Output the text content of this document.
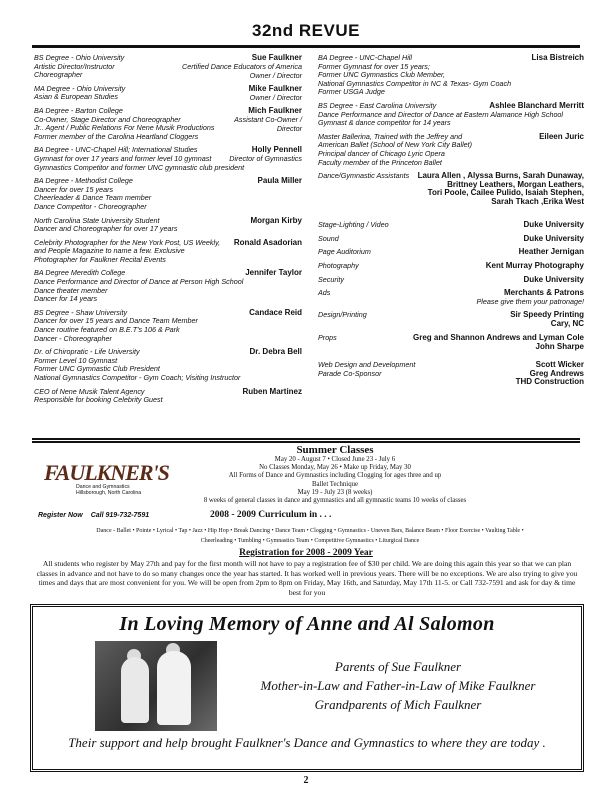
32nd REVUE
BS Degree - Ohio University
Artistic Director/Instructor
Choreographer
Sue Faulkner
Certified Dance Educators of America
Owner / Director
MA Degree - Ohio University
Asian & European Studies
Mike Faulkner
Owner / Director
BA Degree - Barton College
Co-Owner, Stage Director and Choreographer
Jr.. Agent / Public Relations For Nene Musik Productions
Former member of the Carolina Heartland Cloggers
Mich Faulkner
Assistant Co-Owner /
Director
BA Degree - UNC-Chapel Hill; International Studies
Gymnast for over 17 years and former level 10 gymnast
Gymnastics Competitor and former UNC gymnastic club president
Holly Pennell
Director of Gymnastics
BA Degree - Methodist College
Dancer for over 15 years
Cheerleader & Dance Team member
Dance Competitor - Choreographer
Paula Miller
North Carolina State University Student
Dancer and Choreographer for over 17 years
Morgan Kirby
Celebrity Photographer for the New York Post, US Weekly,
and People Magazine to name a few. Exclusive
Photographer for Faulkner Recital Events
Ronald Asadorian
BA Degree Meredith College
Dance Performance and Director of Dance at Person High School
Dance theater member
Dancer for 14 years
Jennifer Taylor
BS Degree - Shaw University
Dancer for over 15 years and Dance Team Member
Dance routine featured on B.E.T's 106 & Park
Dancer - Choreographer
Candace Reid
Dr. of Chiropratic - Life University
Former Level 10 Gymnast
Former UNC Gymnastic Club President
National Gymnastics Competitor - Gym Coach; Visiting Instructor
Dr. Debra Bell
CEO of Nene Musik Talent Agency
Responsible for booking Celebrity Guest
Ruben Martinez
BA Degree - UNC-Chapel Hill
Former Gymnast for over 15 years;
Former UNC Gymnastics Club Member,
National Gymnastics Competitor in NC & Texas- Gym Coach
Former USGA Judge
Lisa Bistreich
BS Degree - East Carolina University
Dance Performance and Director of Dance at Eastern Alamance High School
Gymnast & dance competitor for 14 years
Ashlee Blanchard Merritt
Master Ballerina, Trained with the Jeffrey and
American Ballet (School of New York City Ballet)
Principal dancer of Chicago Lyric Opera
Faculty member of the Princeton Ballet
Eileen Juric
Dance/Gymnastic Assistants	Laura Allen , Alyssa Burns, Sarah Dunaway,
Brittney Leathers, Morgan Leathers,
Tori Poole, Cailee Pulido, Isaiah Stephen,
Sarah Tkach ,Erika West
Stage-Lighting / Video	Duke University
Sound	Duke University
Page Auditorium	Heather Jernigan
Photography	Kent Murray Photography
Security	Duke University
Ads	Merchants & Patrons
Please give them your patronage!
Design/Printing	Sir Speedy Printing
Cary, NC
Props	Greg and Shannon Andrews and Lyman Cole
John Sharpe
Web Design and Development
Parade Co-Sponsor
Scott Wicker
Greg Andrews
THD Construction
FAULKNER'S
Dance and Gymnastics
Hillsborough, North Carolina
Summer Classes
May 20 - August 7 • Closed June 23 - July 6
No Classes Monday, May 26 • Make up Friday, May 30
All Forms of Dance and Gymnastics including Clogging for ages three and up
Ballet Technique
May 19 - July 23 (8 weeks)
8 weeks of general classes in dance and gymnastics and all gymnastic teams 10 weeks of classes
Register Now Call 919-732-7591	2008 - 2009 Curriculum in . . .
Dance - Ballet • Pointe • Lyrical • Tap • Jazz • Hip Hop • Break Dancing • Dance Team • Clogging • Gymnastics - Uneven Bars, Balance Beam • Floor Exercise • Vaulting Table •
Cheerleading • Tumbling • Gymnastics Team • Competitive Gymnastics • Liturgical Dance
Registration for 2008 - 2009 Year
All students who register by May 27th and pay for the first month will not have to pay a registration fee of $30 per child. We are doing this again this year so that we can plan classes in advance and not have to do so many changes once the year has started. It has worked well in previous years. There will be no exceptions. We are also trying to give you times and days that are most convenient for you. We will be open from 2pm to 8pm on Friday, May 16th, and Saturday, May 17th 11-5. or Call 732-7591 and ask for day & time best for you
In Loving Memory of Anne and Al Salomon
Parents of Sue Faulkner
Mother-in-Law and Father-in-Law of Mike Faulkner
Grandparents of Mich Faulkner
Their support and help brought Faulkner's Dance and Gymnastics to where they are today .
2
